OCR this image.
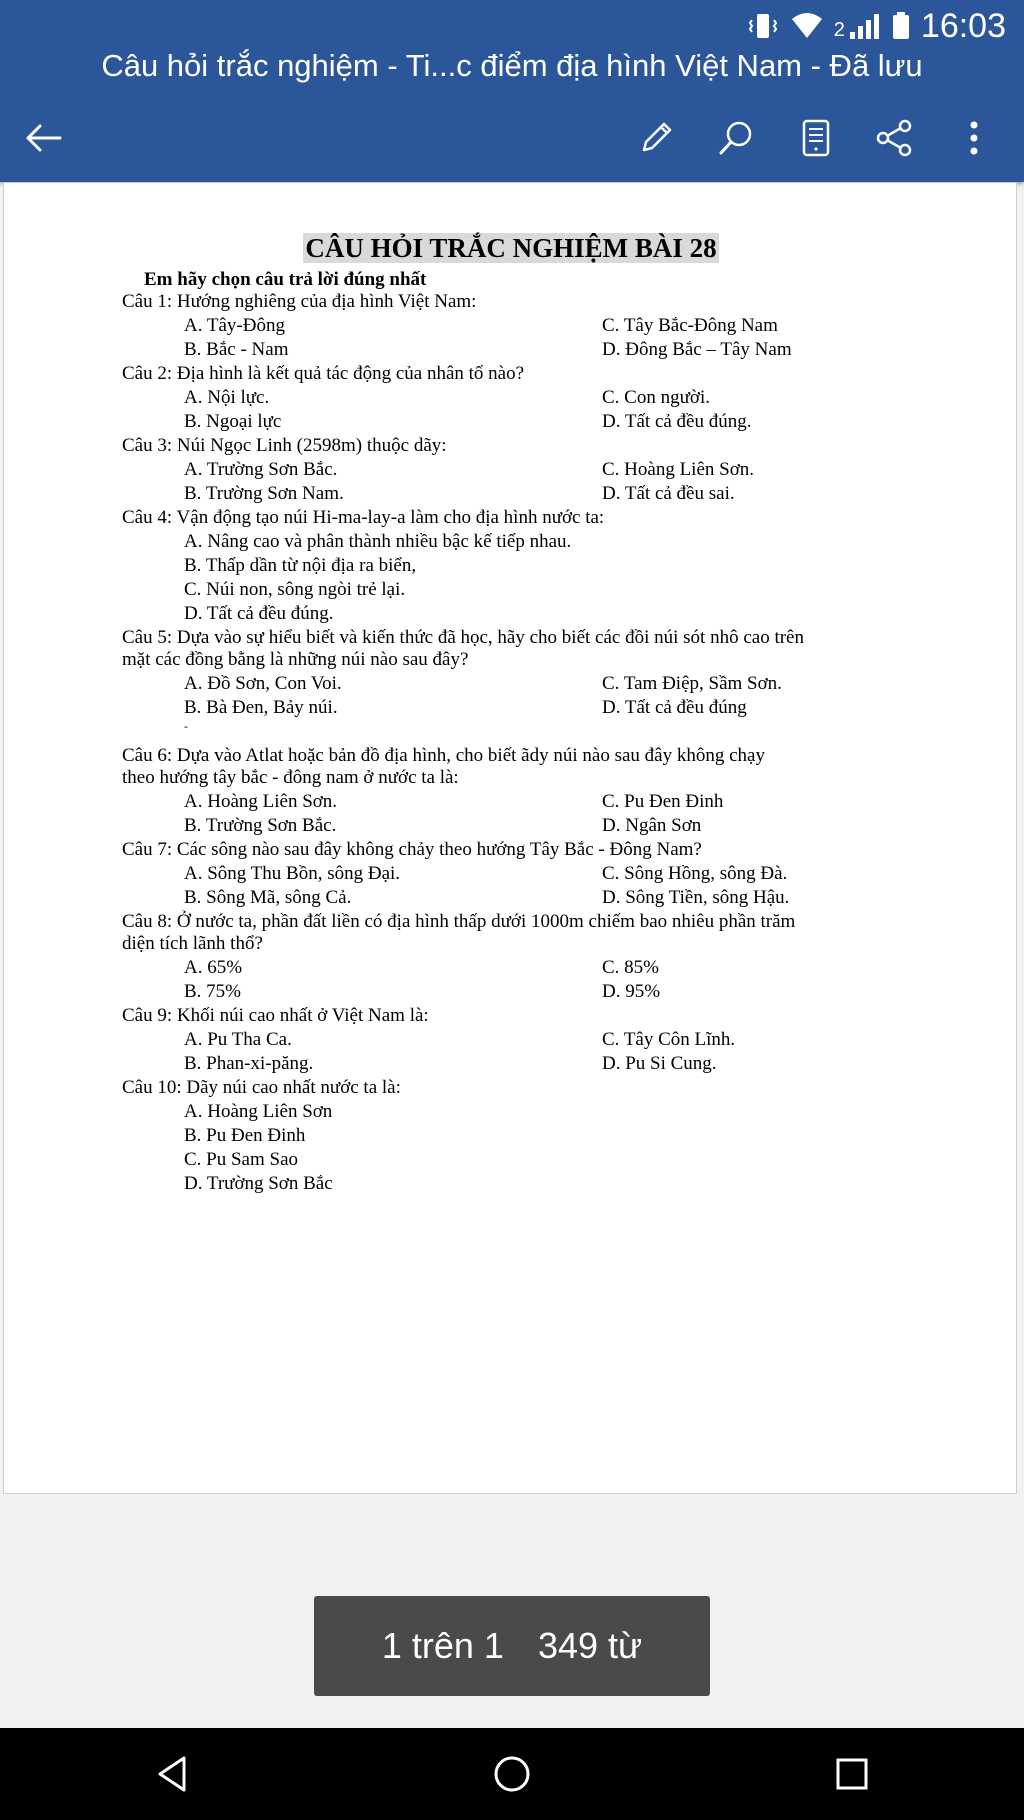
2 16:03
Câu hỏi trắc nghiệm - Ti...c điểm địa hình Việt Nam - Đã lưu
CÂU HỎI TRẮC NGHIỆM BÀI 28
Em hãy chọn câu trả lời đúng nhất
Câu 1: Hướng nghiêng của địa hình Việt Nam:
A. Tây-Đông	C. Tây Bắc-Đông Nam
B. Bắc - Nam	D. Đông Bắc – Tây Nam
Câu 2: Địa hình là kết quả tác động của nhân tố nào?
A. Nội lực.	C. Con người.
B. Ngoại lực	D. Tất cả đều đúng.
Câu 3: Núi Ngọc Linh (2598m) thuộc dãy:
A. Trường Sơn Bắc.	C. Hoàng Liên Sơn.
B. Trường Sơn Nam.	D. Tất cả đều sai.
Câu 4: Vận động tạo núi Hi-ma-lay-a làm cho địa hình nước ta:
A. Nâng cao và phân thành nhiều bậc kế tiếp nhau.
B. Thấp dần từ nội địa ra biển,
C. Núi non, sông ngòi trẻ lại.
D. Tất cả đều đúng.
Câu 5: Dựa vào sự hiểu biết và kiến thức đã học, hãy cho biết các đồi núi sót nhô cao trên
mặt các đồng bằng là những núi nào sau đây?
A. Đồ Sơn, Con Voi.	C. Tam Điệp, Sầm Sơn.
B. Bà Đen, Bảy núi.	D. Tất cả đều đúng
-
Câu 6: Dựa vào Atlat hoặc bản đồ địa hình, cho biết ãdy núi nào sau đây không chạy
theo hướng tây bắc - đông nam ở nước ta là:
A. Hoàng Liên Sơn.	C. Pu Đen Đinh
B. Trường Sơn Bắc.	D. Ngân Sơn
Câu 7: Các sông nào sau đây không chảy theo hướng Tây Bắc - Đông Nam?
A. Sông Thu Bồn, sông Đại.	C. Sông Hồng, sông Đà.
B. Sông Mã, sông Cả.	D. Sông Tiền, sông Hậu.
Câu 8: Ở nước ta, phần đất liền có địa hình thấp dưới 1000m chiếm bao nhiêu phần trăm
diện tích lãnh thổ?
A. 65%	C. 85%
B. 75%	D. 95%
Câu 9: Khối núi cao nhất ở Việt Nam là:
A. Pu Tha Ca.	C. Tây Côn Lĩnh.
B. Phan-xi-păng.	D. Pu Si Cung.
Câu 10: Dãy núi cao nhất nước ta là:
A. Hoàng Liên Sơn
B. Pu Đen Đinh
C. Pu Sam Sao
D. Trường Sơn Bắc
1 trên 1 349 từ
